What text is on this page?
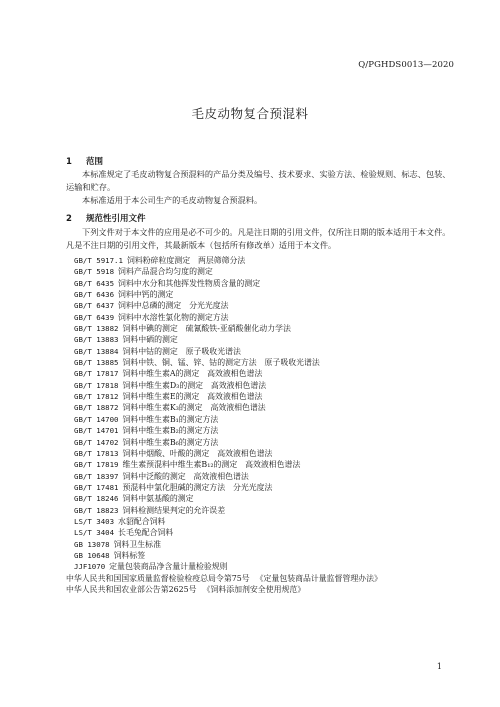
Q/PGHDS0013—2020
毛皮动物复合预混料
1 范围
本标准规定了毛皮动物复合预混料的产品分类及编号、技术要求、实验方法、检验规则、标志、包装、运输和贮存。
本标准适用于本公司生产的毛皮动物复合预混料。
2 规范性引用文件
下列文件对于本文件的应用是必不可少的。凡是注日期的引用文件，仅所注日期的版本适用于本文件。凡是不注日期的引用文件，其最新版本（包括所有修改单）适用于本文件。
GB/T 5917.1 饲料粉碎粒度测定　两层筛筛分法
GB/T 5918 饲料产品混合均匀度的测定
GB/T 6435 饲料中水分和其他挥发性物质含量的测定
GB/T 6436 饲料中钙的测定
GB/T 6437 饲料中总磷的测定　分光光度法
GB/T 6439 饲料中水溶性氯化物的测定方法
GB/T 13882 饲料中碘的测定　硫氰酸铁-亚硝酸催化动力学法
GB/T 13883 饲料中硒的测定
GB/T 13884 饲料中钴的测定　原子吸收光谱法
GB/T 13885 饲料中铁、铜、锰、锌、钴的测定方法　原子吸收光谱法
GB/T 17817 饲料中维生素A的测定　高效液相色谱法
GB/T 17818 饲料中维生素D₃的测定　高效液相色谱法
GB/T 17812 饲料中维生素E的测定　高效液相色谱法
GB/T 18872 饲料中维生素K₃的测定　高效液相色谱法
GB/T 14700 饲料中维生素B₁的测定方法
GB/T 14701 饲料中维生素B₂的测定方法
GB/T 14702 饲料中维生素B₆的测定方法
GB/T 17813 饲料中烟酸、叶酸的测定　高效液相色谱法
GB/T 17819 维生素预混料中维生素B₁₂的测定　高效液相色谱法
GB/T 18397 饲料中泛酸的测定　高效液相色谱法
GB/T 17481 预混料中氯化胆碱的测定方法　分光光度法
GB/T 18246 饲料中氨基酸的测定
GB/T 18823 饲料检测结果判定的允许误差
LS/T 3403 水貂配合饲料
LS/T 3404 长毛兔配合饲料
GB 13078 饲料卫生标准
GB 10648 饲料标签
JJF1070 定量包装商品净含量计量检验规则
中华人民共和国国家质量监督检验检疫总局令第75号 《定量包装商品计量监督管理办法》
中华人民共和国农业部公告第2625号 《饲料添加剂安全使用规范》
1
